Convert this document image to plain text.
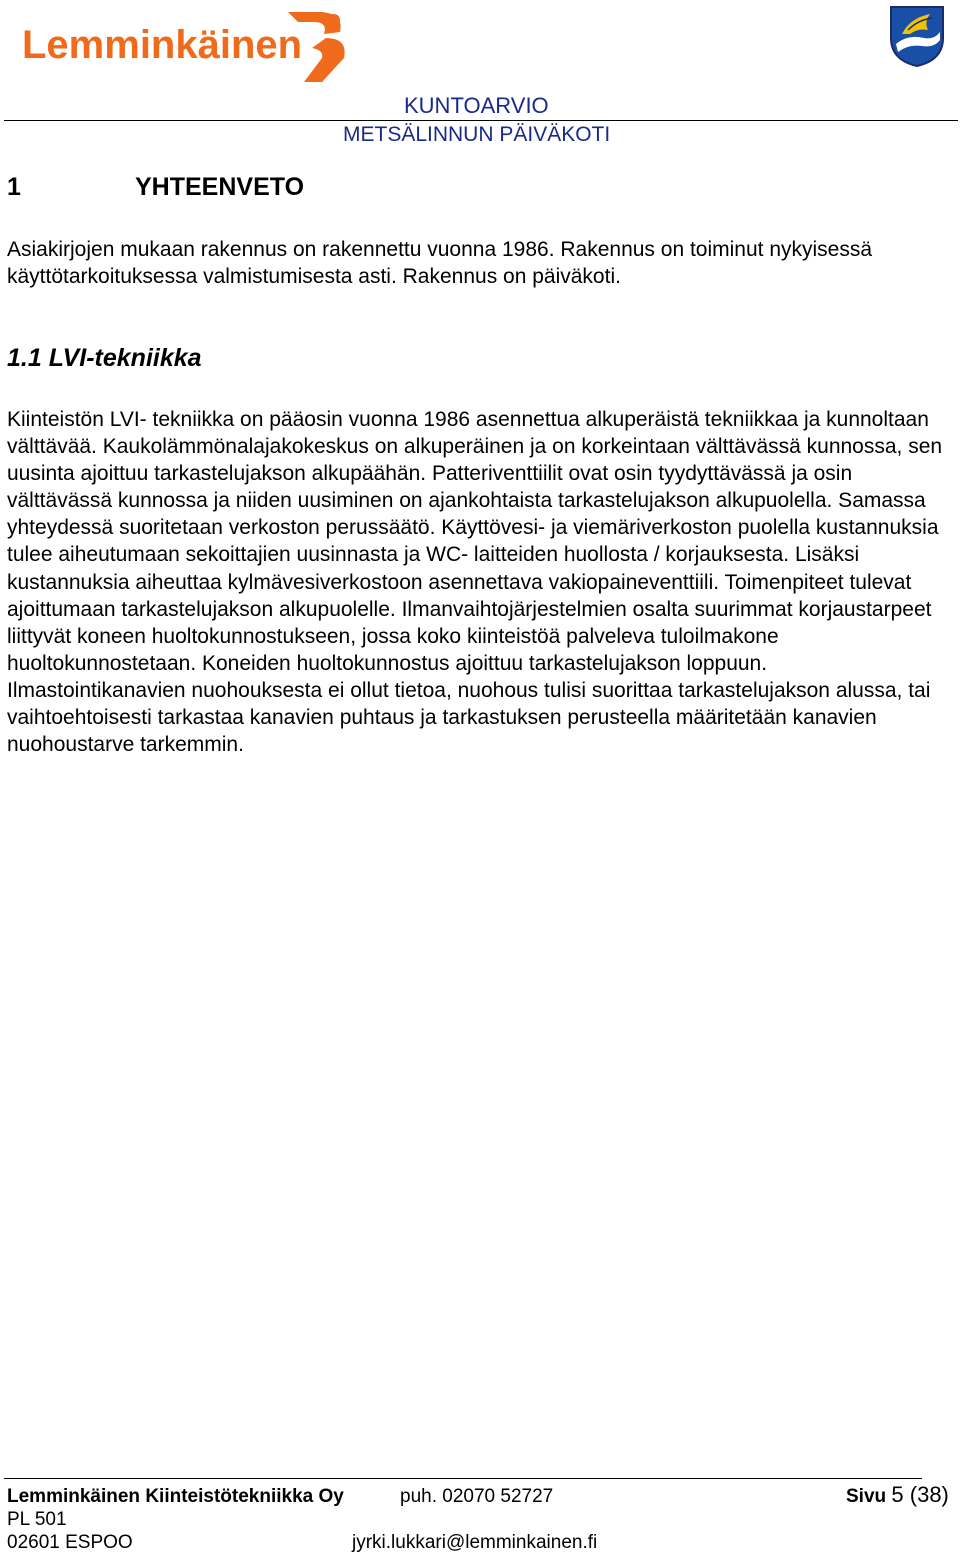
Lemminkäinen
KUNTOARVIO
METSÄLINNUN PÄIVÄKOTI
1	YHTEENVETO

Asiakirjojen mukaan rakennus on rakennettu vuonna 1986. Rakennus on toiminut nykyisessä käyttötarkoituksessa valmistumisesta asti. Rakennus on päiväkoti.

1.1 LVI-tekniikka

Kiinteistön LVI- tekniikka on pääosin vuonna 1986 asennettua alkuperäistä tekniikkaa ja kunnoltaan välttävää. Kaukolämmönalajakokeskus on alkuperäinen ja on korkeintaan välttävässä kunnossa, sen uusinta ajoittuu tarkastelujakson alkupäähän. Patteriventtiilit ovat osin tyydyttävässä ja osin välttävässä kunnossa ja niiden uusiminen on ajankohtaista tarkastelujakson alkupuolella. Samassa yhteydessä suoritetaan verkoston perussäätö. Käyttövesi- ja viemäriverkoston puolella kustannuksia tulee aiheutumaan sekoittajien uusinnasta ja WC- laitteiden huollosta / korjauksesta. Lisäksi kustannuksia aiheuttaa kylmävesiverkostoon asennettava vakiopaineventtiili. Toimenpiteet tulevat ajoittumaan tarkastelujakson alkupuolelle. Ilmanvaihtojärjestelmien osalta suurimmat korjaustarpeet liittyvät koneen huoltokunnostukseen, jossa koko kiinteistöä palveleva tuloilmakone huoltokunnostetaan. Koneiden huoltokunnostus ajoittuu tarkastelujakson loppuun. Ilmastointikanavien nuohouksesta ei ollut tietoa, nuohous tulisi suorittaa tarkastelujakson alussa, tai vaihtoehtoisesti tarkastaa kanavien puhtaus ja tarkastuksen perusteella määritetään kanavien nuohoustarve tarkemmin.

Lemminkäinen Kiinteistötekniikka Oy
PL 501
02601 ESPOO
puh. 02070 52727
jyrki.lukkari@lemminkainen.fi
Sivu 5 (38)
